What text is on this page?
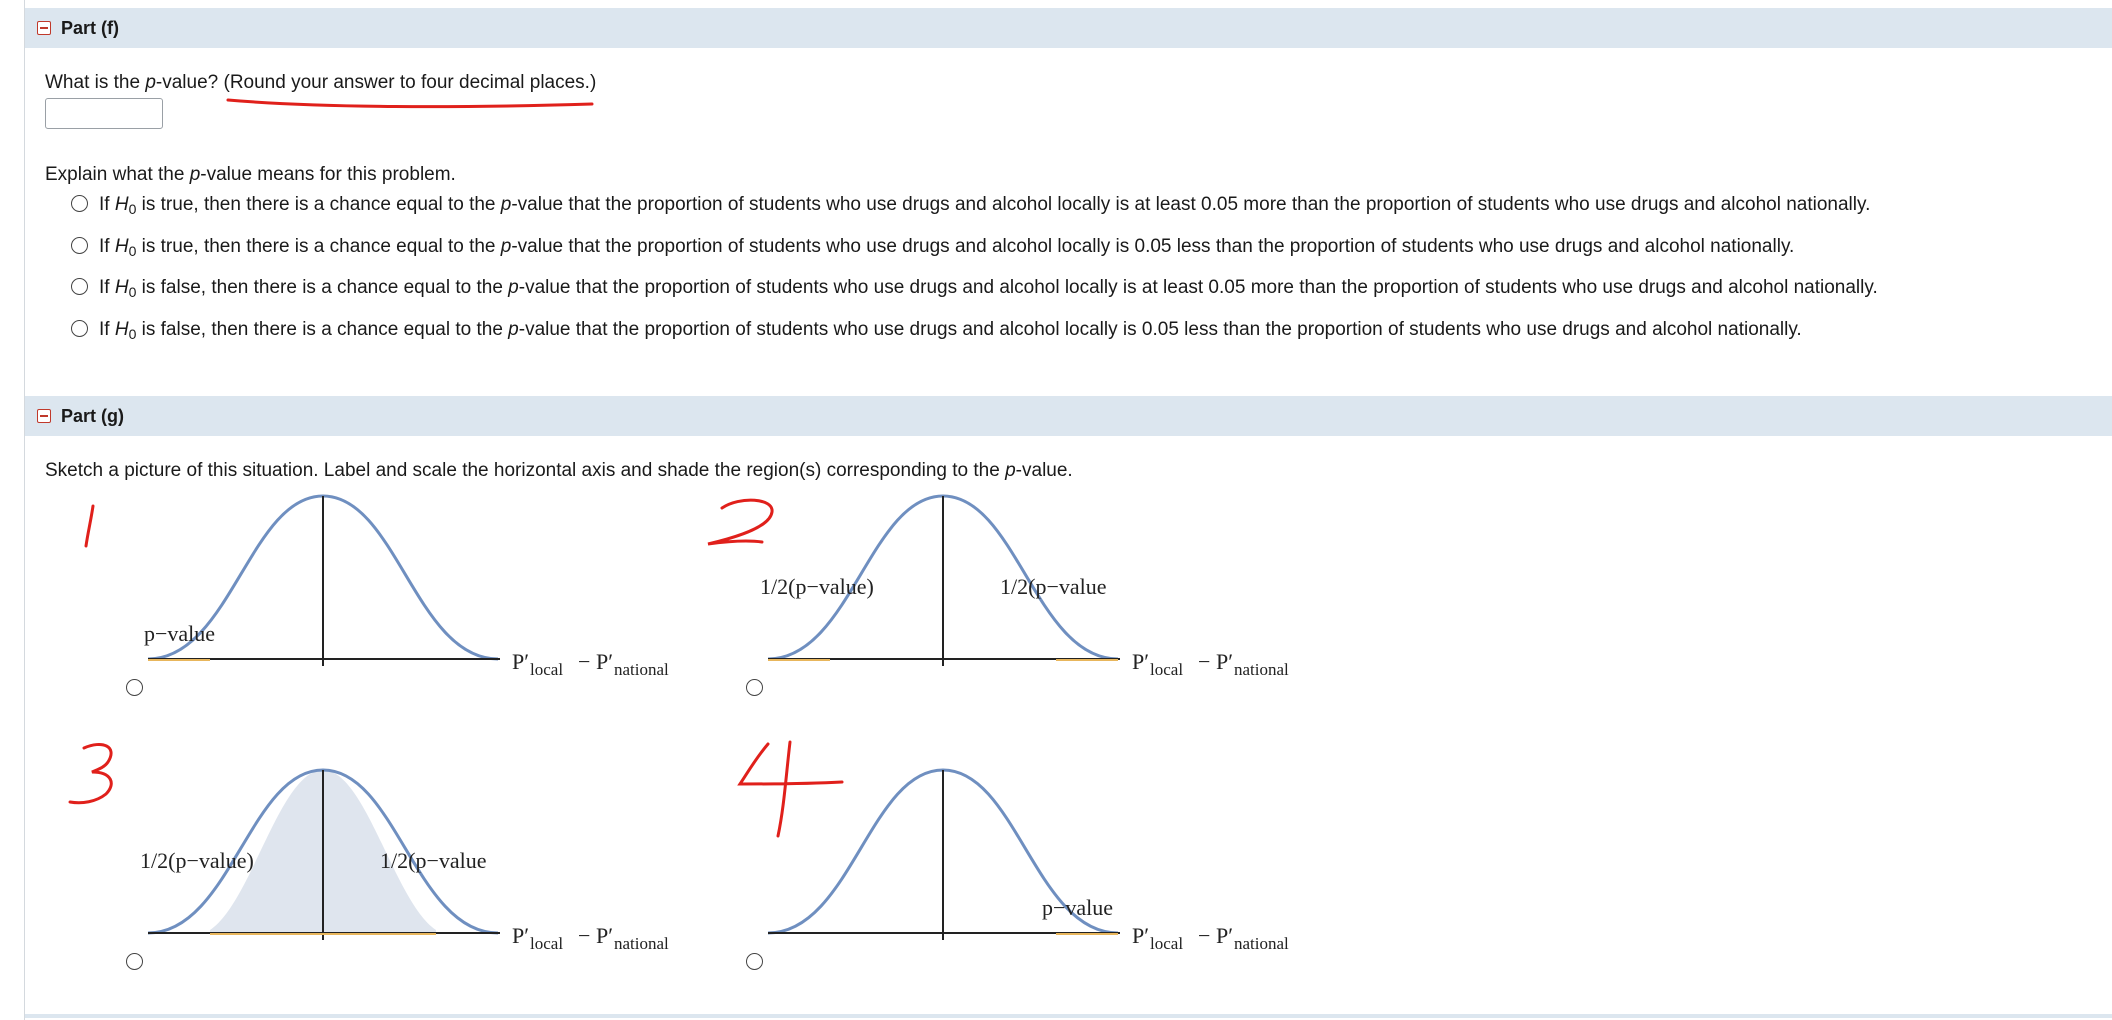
Part (f)
What is the p-value? (Round your answer to four decimal places.)
Explain what the p-value means for this problem.
If $H_0$ is true, then there is a chance equal to the p-value that the proportion of students who use drugs and alcohol locally is at least 0.05 more than the proportion of students who use drugs and alcohol nationally.
If $H_0$ is true, then there is a chance equal to the p-value that the proportion of students who use drugs and alcohol locally is 0.05 less than the proportion of students who use drugs and alcohol nationally.
If $H_0$ is false, then there is a chance equal to the p-value that the proportion of students who use drugs and alcohol locally is at least 0.05 more than the proportion of students who use drugs and alcohol nationally.
If $H_0$ is false, then there is a chance equal to the p-value that the proportion of students who use drugs and alcohol locally is 0.05 less than the proportion of students who use drugs and alcohol nationally.
Part (g)
Sketch a picture of this situation. Label and scale the horizontal axis and shade the region(s) corresponding to the p-value.
p−value
P′ local − P′ national
1/2(p−value)	1/2(p−value
P′ local − P′ national
1/2(p−value)	1/2(p−value
P′ local − P′ national
p−value
P′ local − P′ national
